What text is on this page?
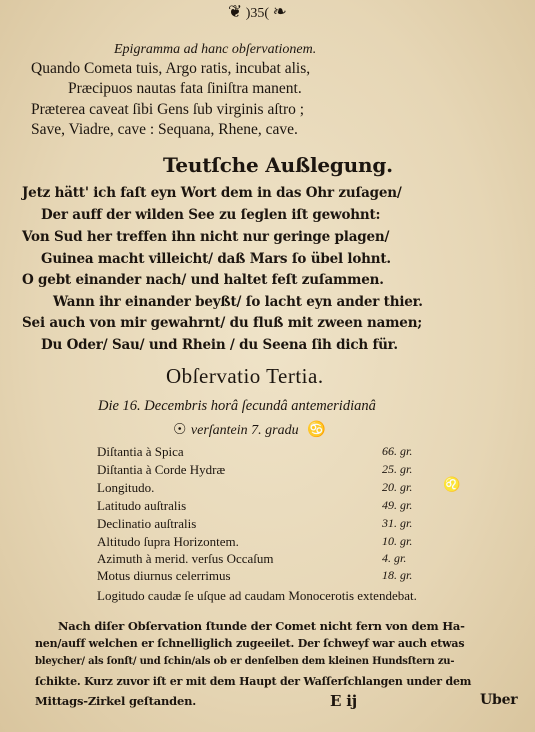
❦ )35( ❧
Epigramma ad hanc obſervationem.
Quando Cometa tuis, Argo ratis, incubat alis,
Præcipuos nautas fata ſiniſtra manent.
Præterea caveat ſibi Gens ſub virginis aſtro ;
Save, Viadre, cave : Sequana, Rhene, cave.
Teutſche Außlegung.
Jetz hätt' ich faſt eyn Wort dem in das Ohr zuſagen/
Der auff der wilden See zu ſeglen iſt gewohnt:
Von Sud her treffen ihn nicht nur geringe plagen/
Guinea macht villeicht/ daß Mars ſo übel lohnt.
O gebt einander nach/ und haltet feſt zuſammen.
Wann ihr einander beyßt/ ſo lacht eyn ander thier.
Sei auch von mir gewahrnt/ du fluß mit zween namen;
Du Oder/ Sau/ und Rhein / du Seena ſih dich für.
Obſervatio Tertia.
Die 16. Decembris horâ ſecundâ antemeridianâ
☉ verſantein 7. gradu ♋
Diſtantia à Spica	66. gr.
Diſtantia à Corde Hydræ	25. gr.
Longitudo.	20. gr. ♌
Latitudo auſtralis	49. gr.
Declinatio auſtralis	31. gr.
Altitudo ſupra Horizontem.	10. gr.
Azimuth à merid. verſus Occaſum	4. gr.
Motus diurnus celerrimus	18. gr.
Logitudo caudæ ſe uſque ad caudam Monocerotis extendebat.
Nach diſer Obſervation ſtunde der Comet nicht fern von dem Ha-
nen/auff welchen er ſchnelliglich zugeeilet. Der ſchweyf war auch etwas
bleycher/ als ſonſt/ und ſchin/als ob er denſelben dem kleinen Hundsſtern zu-
ſchikte. Kurz zuvor iſt er mit dem Haupt der Waſſerſchlangen under dem
Mittags-Zirkel geſtanden.	E ij	Uber
